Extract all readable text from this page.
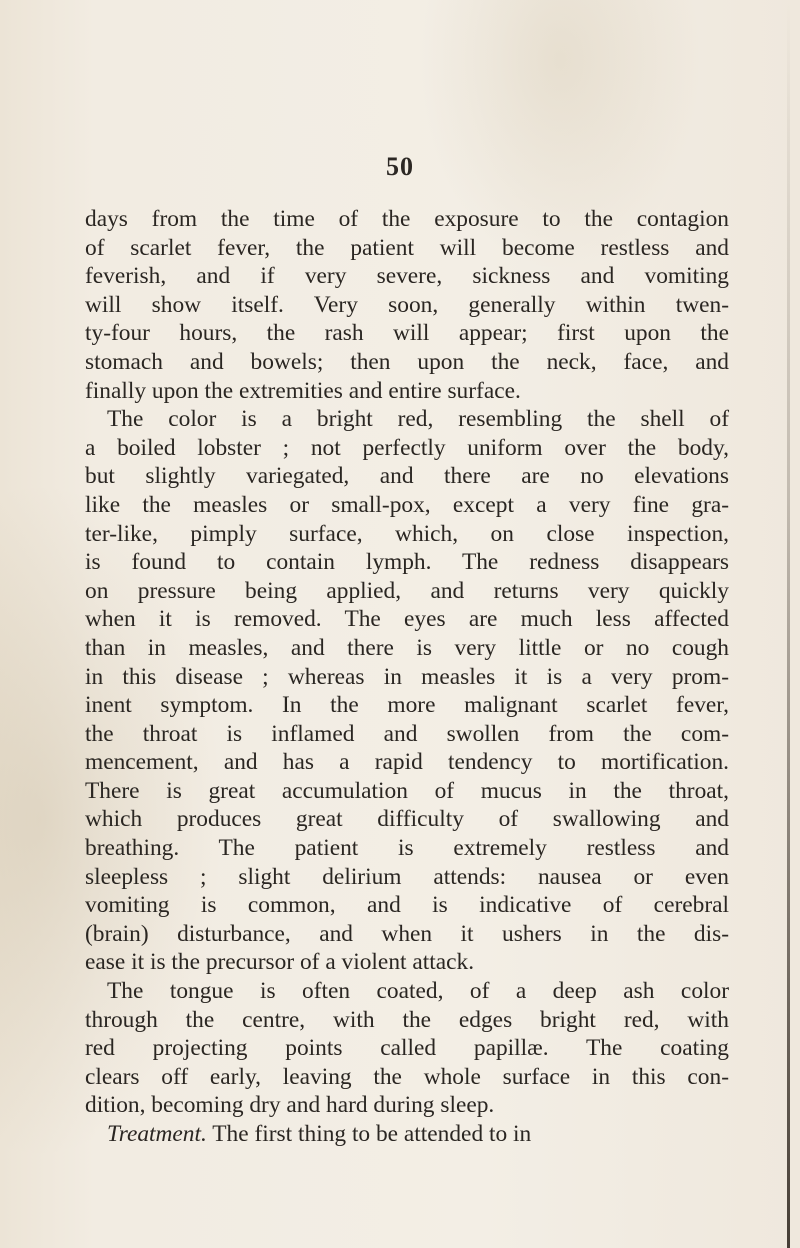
50
days from the time of the exposure to the contagion
of scarlet fever, the patient will become restless and
feverish, and if very severe, sickness and vomiting
will show itself. Very soon, generally within twen-
ty-four hours, the rash will appear; first upon the
stomach and bowels; then upon the neck, face, and
finally upon the extremities and entire surface.
The color is a bright red, resembling the shell of
a boiled lobster ; not perfectly uniform over the body,
but slightly variegated, and there are no elevations
like the measles or small-pox, except a very fine gra-
ter-like, pimply surface, which, on close inspection,
is found to contain lymph. The redness disappears
on pressure being applied, and returns very quickly
when it is removed. The eyes are much less affected
than in measles, and there is very little or no cough
in this disease ; whereas in measles it is a very prom-
inent symptom. In the more malignant scarlet fever,
the throat is inflamed and swollen from the com-
mencement, and has a rapid tendency to mortification.
There is great accumulation of mucus in the throat,
which produces great difficulty of swallowing and
breathing. The patient is extremely restless and
sleepless ; slight delirium attends: nausea or even
vomiting is common, and is indicative of cerebral
(brain) disturbance, and when it ushers in the dis-
ease it is the precursor of a violent attack.
The tongue is often coated, of a deep ash color
through the centre, with the edges bright red, with
red projecting points called papillæ. The coating
clears off early, leaving the whole surface in this con-
dition, becoming dry and hard during sleep.
Treatment. The first thing to be attended to in
